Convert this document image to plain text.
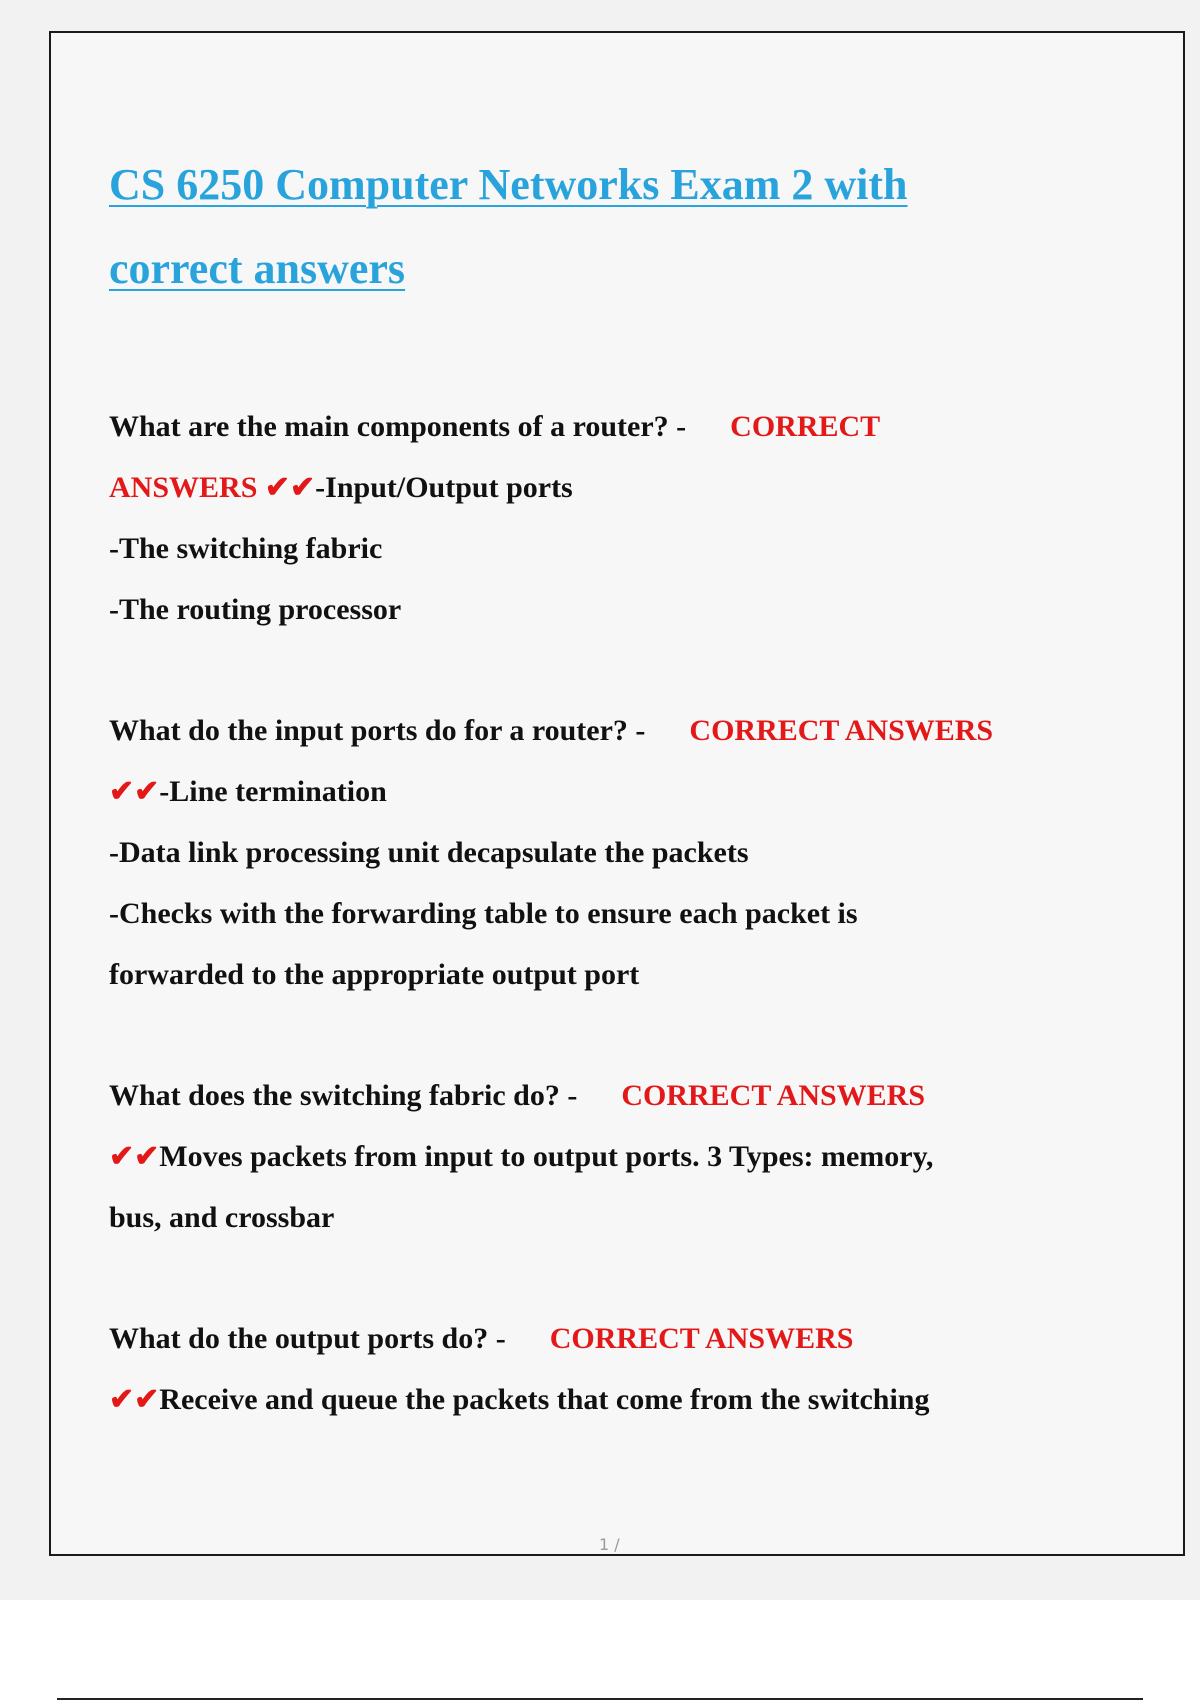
CS 6250 Computer Networks Exam 2 with
correct answers

What are the main components of a router? - CORRECT

ANSWERS ✔✔-Input/Output ports

-The switching fabric

-The routing processor

What do the input ports do for a router? - CORRECT ANSWERS

✔✔-Line termination

-Data link processing unit decapsulate the packets

-Checks with the forwarding table to ensure each packet is

forwarded to the appropriate output port

What does the switching fabric do? - CORRECT ANSWERS

✔✔Moves packets from input to output ports. 3 Types: memory,

bus, and crossbar

What do the output ports do? - CORRECT ANSWERS

✔✔Receive and queue the packets that come from the switching

1 /
